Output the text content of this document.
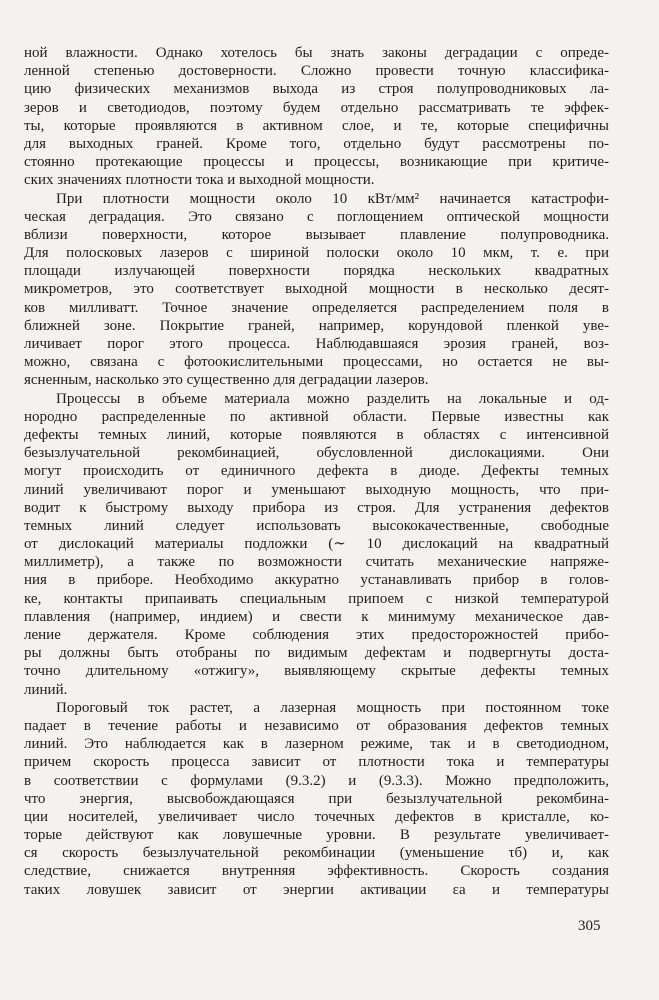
ной влажности. Однако хотелось бы знать законы деградации с опреде-
ленной степенью достоверности. Сложно провести точную классифика-
цию физических механизмов выхода из строя полупроводниковых ла-
зеров и светодиодов, поэтому будем отдельно рассматривать те эффек-
ты, которые проявляются в активном слое, и те, которые специфичны
для выходных граней. Кроме того, отдельно будут рассмотрены по-
стоянно протекающие процессы и процессы, возникающие при критиче-
ских значениях плотности тока и выходной мощности.
При плотности мощности около 10 кВт/мм² начинается катастрофи-
ческая деградация. Это связано с поглощением оптической мощности
вблизи поверхности, которое вызывает плавление полупроводника.
Для полосковых лазеров с шириной полоски около 10 мкм, т. е. при
площади излучающей поверхности порядка нескольких квадратных
микрометров, это соответствует выходной мощности в несколько десят-
ков милливатт. Точное значение определяется распределением поля в
ближней зоне. Покрытие граней, например, корундовой пленкой уве-
личивает порог этого процесса. Наблюдавшаяся эрозия граней, воз-
можно, связана с фотоокислительными процессами, но остается не вы-
ясненным, насколько это существенно для деградации лазеров.
Процессы в объеме материала можно разделить на локальные и од-
нородно распределенные по активной области. Первые известны как
дефекты темных линий, которые появляются в областях с интенсивной
безызлучательной рекомбинацией, обусловленной дислокациями. Они
могут происходить от единичного дефекта в диоде. Дефекты темных
линий увеличивают порог и уменьшают выходную мощность, что при-
водит к быстрому выходу прибора из строя. Для устранения дефектов
темных линий следует использовать высококачественные, свободные
от дислокаций материалы подложки (∼ 10 дислокаций на квадратный
миллиметр), а также по возможности считать механические напряже-
ния в приборе. Необходимо аккуратно устанавливать прибор в голов-
ке, контакты припаивать специальным припоем с низкой температурой
плавления (например, индием) и свести к минимуму механическое дав-
ление держателя. Кроме соблюдения этих предосторожностей прибо-
ры должны быть отобраны по видимым дефектам и подвергнуты доста-
точно длительному «отжигу», выявляющему скрытые дефекты темных
линий.
Пороговый ток растет, а лазерная мощность при постоянном токе
падает в течение работы и независимо от образования дефектов темных
линий. Это наблюдается как в лазерном режиме, так и в светодиодном,
причем скорость процесса зависит от плотности тока и температуры
в соответствии с формулами (9.3.2) и (9.3.3). Можно предположить,
что энергия, высвобождающаяся при безызлучательной рекомбина-
ции носителей, увеличивает число точечных дефектов в кристалле, ко-
торые действуют как ловушечные уровни. В результате увеличивает-
ся скорость безызлучательной рекомбинации (уменьшение τб) и, как
следствие, снижается внутренняя эффективность. Скорость создания
таких ловушек зависит от энергии активации εа и температуры
305
